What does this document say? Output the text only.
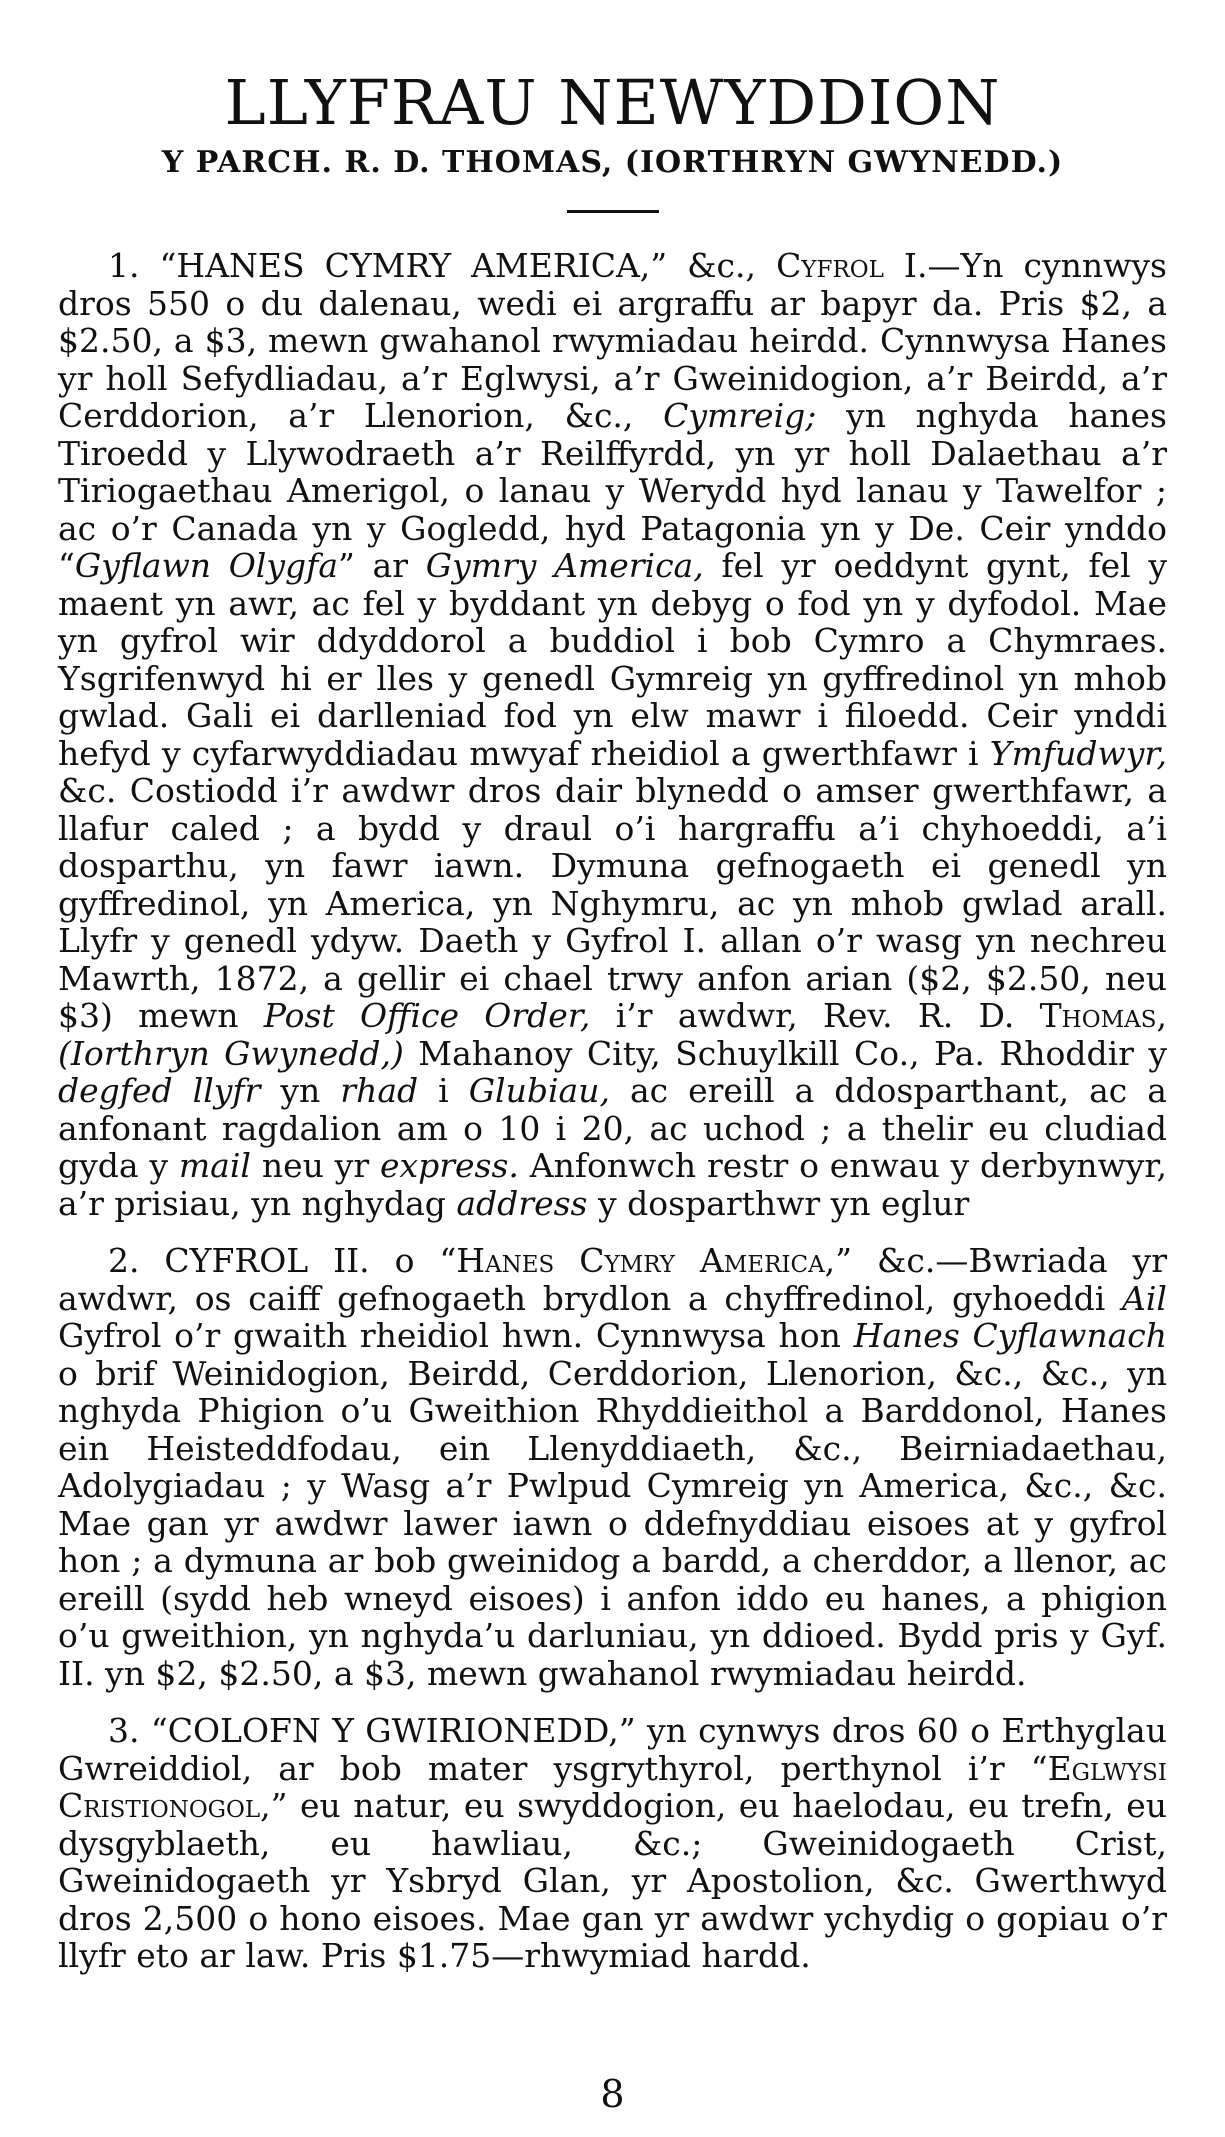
LLYFRAU NEWYDDION
Y PARCH. R. D. THOMAS, (IORTHRYN GWYNEDD.)

1. “HANES CYMRY AMERICA,” &c., Cyfrol I.—Yn cynnwys dros 550 o du dalenau, wedi ei argraffu ar bapyr da. Pris $2, a $2.50, a $3, mewn gwahanol rwymiadau heirdd. Cynnwysa Hanes yr holl Sefydliadau, a’r Eglwysi, a’r Gweinidogion, a’r Beirdd, a’r Cerddorion, a’r Llenorion, &c., Cymreig; yn nghyda hanes Tiroedd y Llywodraeth a’r Reilffyrdd, yn yr holl Dalaethau a’r Tiriogaethau Amerigol, o lanau y Werydd hyd lanau y Tawelfor ; ac o’r Canada yn y Gogledd, hyd Patagonia yn y De. Ceir ynddo “Gyflawn Olygfa” ar Gymry America, fel yr oeddynt gynt, fel y maent yn awr, ac fel y byddant yn debyg o fod yn y dyfodol. Mae yn gyfrol wir ddyddorol a buddiol i bob Cymro a Chymraes. Ysgrifenwyd hi er lles y genedl Gymreig yn gyffredinol yn mhob gwlad. Gali ei darlleniad fod yn elw mawr i filoedd. Ceir ynddi hefyd y cyfarwyddiadau mwyaf rheidiol a gwerthfawr i Ymfudwyr, &c. Costiodd i’r awdwr dros dair blynedd o amser gwerthfawr, a llafur caled ; a bydd y draul o’i hargraffu a’i chyhoeddi, a’i dosparthu, yn fawr iawn. Dymuna gefnogaeth ei genedl yn gyffredinol, yn America, yn Nghymru, ac yn mhob gwlad arall. Llyfr y genedl ydyw. Daeth y Gyfrol I. allan o’r wasg yn nechreu Mawrth, 1872, a gellir ei chael trwy anfon arian ($2, $2.50, neu $3) mewn Post Office Order, i’r awdwr, Rev. R. D. Thomas, (Iorthryn Gwynedd,) Mahanoy City, Schuylkill Co., Pa. Rhoddir y degfed llyfr yn rhad i Glubiau, ac ereill a ddosparthant, ac a anfonant ragdalion am o 10 i 20, ac uchod ; a thelir eu cludiad gyda y mail neu yr express. Anfonwch restr o enwau y derbynwyr, a’r prisiau, yn nghydag address y dosparthwr yn eglur

2. CYFROL II. o “Hanes Cymry America,” &c.—Bwriada yr awdwr, os caiff gefnogaeth brydlon a chyffredinol, gyhoeddi Ail Gyfrol o’r gwaith rheidiol hwn. Cynnwysa hon Hanes Cyflawnach o brif Weinidogion, Beirdd, Cerddorion, Llenorion, &c., &c., yn nghyda Phigion o’u Gweithion Rhyddieithol a Barddonol, Hanes ein Heisteddfodau, ein Llenyddiaeth, &c., Beirniadaethau, Adolygiadau ; y Wasg a’r Pwlpud Cymreig yn America, &c., &c. Mae gan yr awdwr lawer iawn o ddefnyddiau eisoes at y gyfrol hon ; a dymuna ar bob gweinidog a bardd, a cherddor, a llenor, ac ereill (sydd heb wneyd eisoes) i anfon iddo eu hanes, a phigion o’u gweithion, yn nghyda’u darluniau, yn ddioed. Bydd pris y Gyf. II. yn $2, $2.50, a $3, mewn gwahanol rwymiadau heirdd.

3. “COLOFN Y GWIRIONEDD,” yn cynwys dros 60 o Erthyglau Gwreiddiol, ar bob mater ysgrythyrol, perthynol i’r “Eglwysi Cristionogol,” eu natur, eu swyddogion, eu haelodau, eu trefn, eu dysgyblaeth, eu hawliau, &c.; Gweinidogaeth Crist, Gweinidogaeth yr Ysbryd Glan, yr Apostolion, &c. Gwerthwyd dros 2,500 o hono eisoes. Mae gan yr awdwr ychydig o gopiau o’r llyfr eto ar law. Pris $1.75—rhwymiad hardd.

8
